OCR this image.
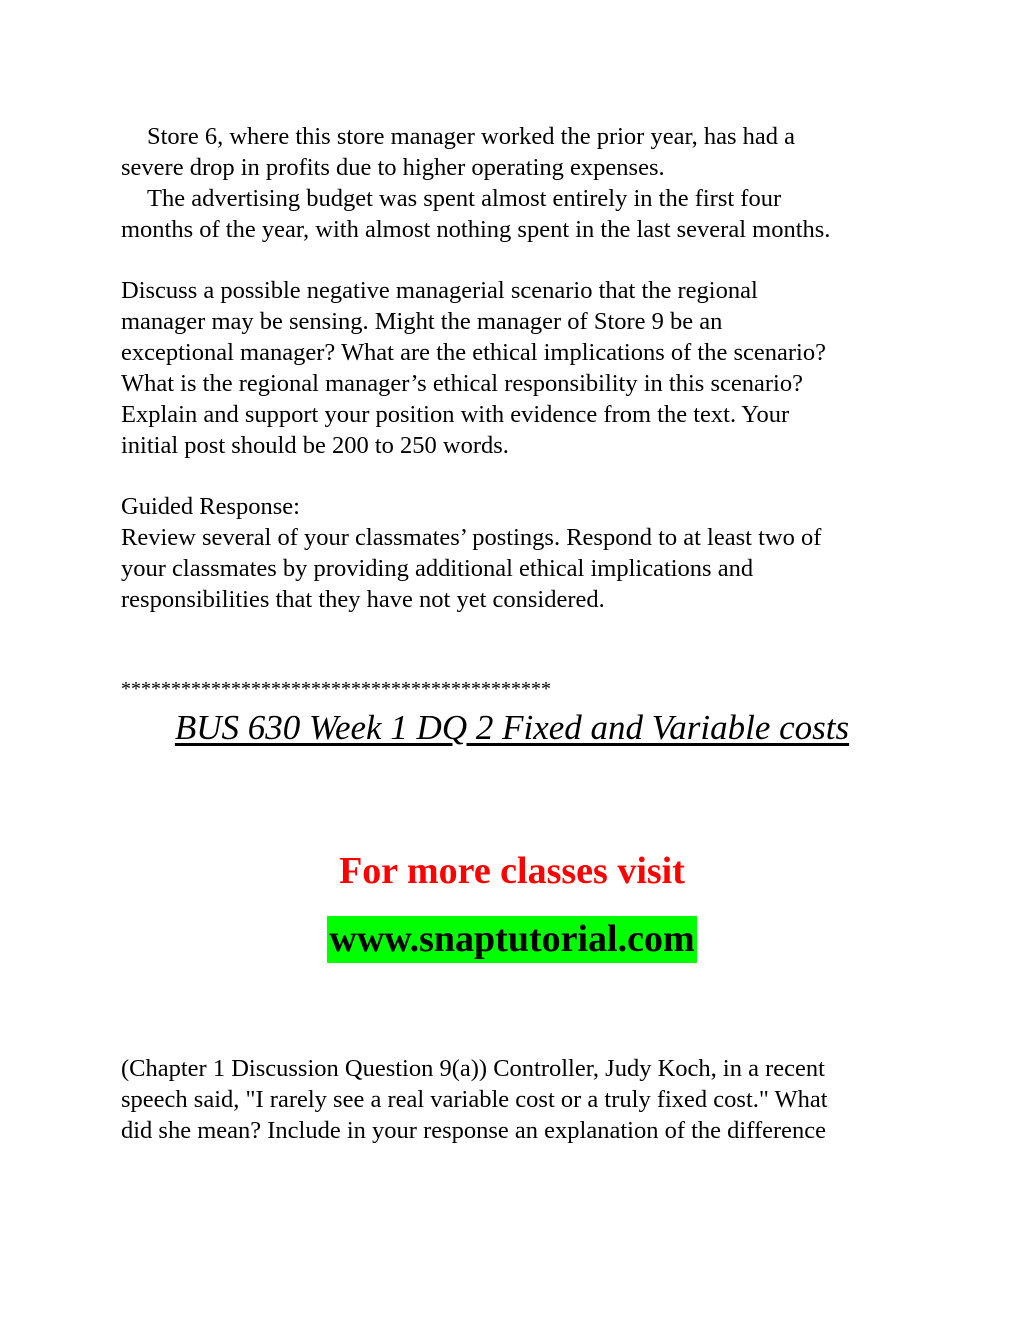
Store 6, where this store manager worked the prior year, has had a
severe drop in profits due to higher operating expenses.
The advertising budget was spent almost entirely in the first four
months of the year, with almost nothing spent in the last several months.
Discuss a possible negative managerial scenario that the regional
manager may be sensing. Might the manager of Store 9 be an
exceptional manager? What are the ethical implications of the scenario?
What is the regional manager’s ethical responsibility in this scenario?
Explain and support your position with evidence from the text. Your
initial post should be 200 to 250 words.
Guided Response:
Review several of your classmates’ postings. Respond to at least two of
your classmates by providing additional ethical implications and
responsibilities that they have not yet considered.
*******************************************
BUS 630 Week 1 DQ 2 Fixed and Variable costs
For more classes visit
www.snaptutorial.com
(Chapter 1 Discussion Question 9(a)) Controller, Judy Koch, in a recent
speech said, "I rarely see a real variable cost or a truly fixed cost." What
did she mean? Include in your response an explanation of the difference
